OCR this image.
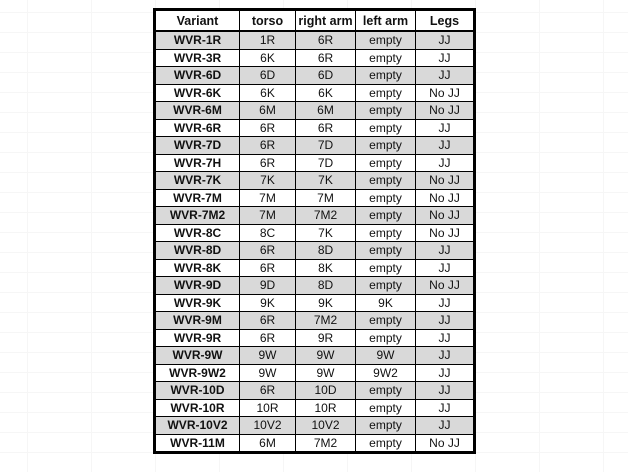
Variant	torso	right arm	left arm	Legs
WVR-1R	1R	6R	empty	JJ
WVR-3R	6K	6R	empty	JJ
WVR-6D	6D	6D	empty	JJ
WVR-6K	6K	6K	empty	No JJ
WVR-6M	6M	6M	empty	No JJ
WVR-6R	6R	6R	empty	JJ
WVR-7D	6R	7D	empty	JJ
WVR-7H	6R	7D	empty	JJ
WVR-7K	7K	7K	empty	No JJ
WVR-7M	7M	7M	empty	No JJ
WVR-7M2	7M	7M2	empty	No JJ
WVR-8C	8C	7K	empty	No JJ
WVR-8D	6R	8D	empty	JJ
WVR-8K	6R	8K	empty	JJ
WVR-9D	9D	8D	empty	No JJ
WVR-9K	9K	9K	9K	JJ
WVR-9M	6R	7M2	empty	JJ
WVR-9R	6R	9R	empty	JJ
WVR-9W	9W	9W	9W	JJ
WVR-9W2	9W	9W	9W2	JJ
WVR-10D	6R	10D	empty	JJ
WVR-10R	10R	10R	empty	JJ
WVR-10V2	10V2	10V2	empty	JJ
WVR-11M	6M	7M2	empty	No JJ
